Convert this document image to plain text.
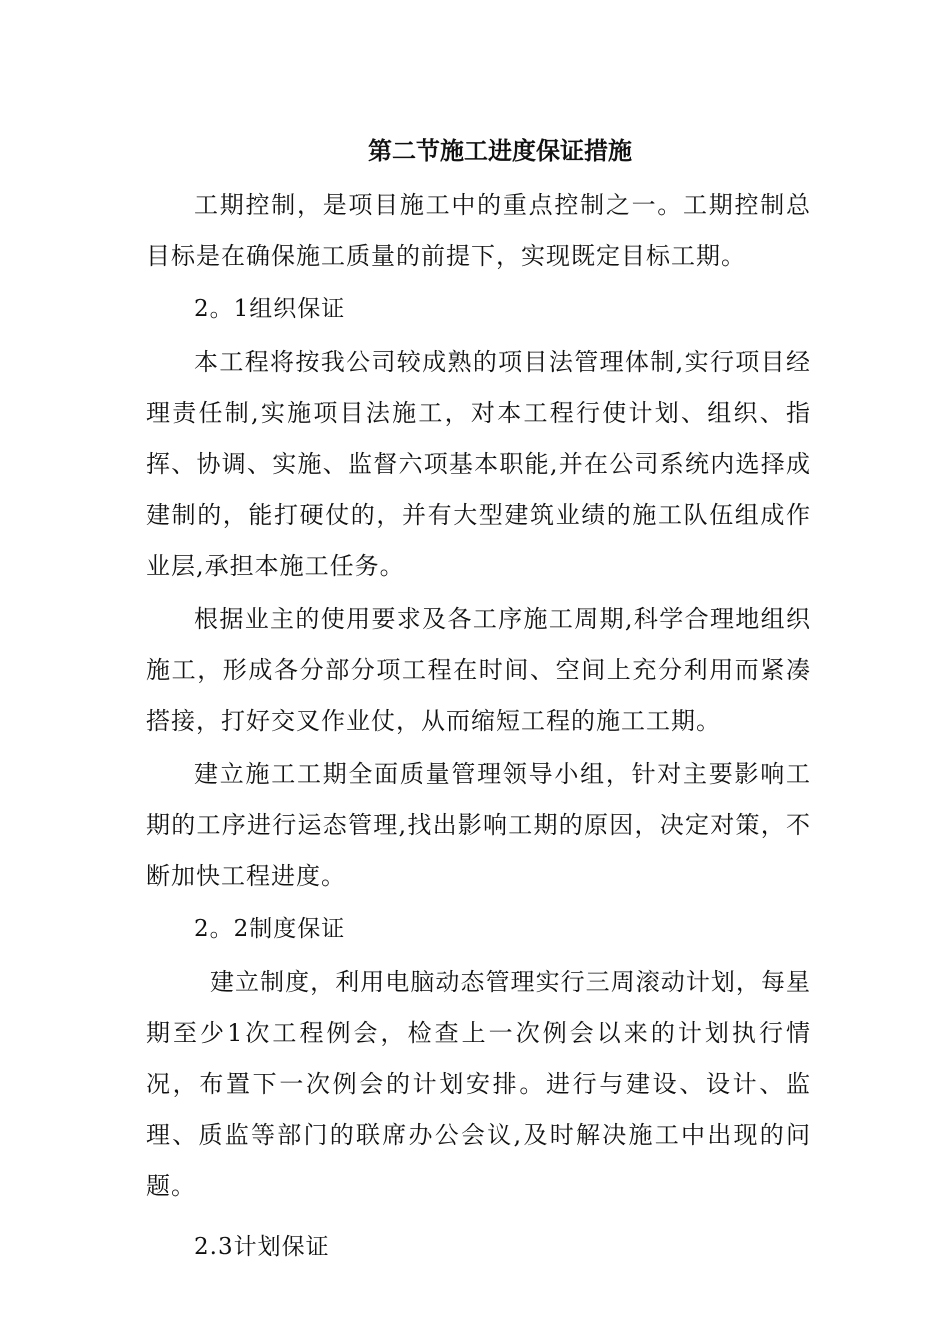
第二节施工进度保证措施

工期控制，是项目施工中的重点控制之一。工期控制总目标是在确保施工质量的前提下，实现既定目标工期。

2。1组织保证

本工程将按我公司较成熟的项目法管理体制,实行项目经理责任制,实施项目法施工，对本工程行使计划、组织、指挥、协调、实施、监督六项基本职能,并在公司系统内选择成建制的，能打硬仗的，并有大型建筑业绩的施工队伍组成作业层,承担本施工任务。

根据业主的使用要求及各工序施工周期,科学合理地组织施工，形成各分部分项工程在时间、空间上充分利用而紧凑搭接，打好交叉作业仗，从而缩短工程的施工工期。

建立施工工期全面质量管理领导小组，针对主要影响工期的工序进行运态管理,找出影响工期的原因，决定对策，不断加快工程进度。

2。2制度保证

建立制度，利用电脑动态管理实行三周滚动计划，每星期至少1次工程例会，检查上一次例会以来的计划执行情况，布置下一次例会的计划安排。进行与建设、设计、监理、质监等部门的联席办公会议,及时解决施工中出现的问题。

2.3计划保证
